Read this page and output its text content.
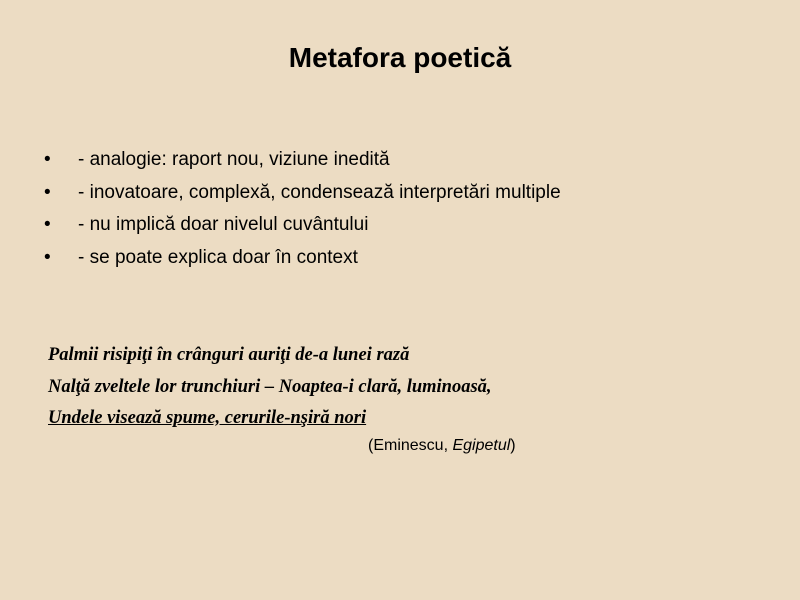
Metafora poetică
•	- analogie: raport nou, viziune inedită
•	- inovatoare, complexă, condensează interpretări multiple
•	- nu implică doar nivelul cuvântului
•	- se poate explica doar în context
Palmii risipiţi în crânguri auriţi de-a lunei rază
Nalţă zveltele lor trunchiuri – Noaptea-i clară, luminoasă,
Undele visează spume, cerurile-nşiră nori
(Eminescu, Egipetul)
